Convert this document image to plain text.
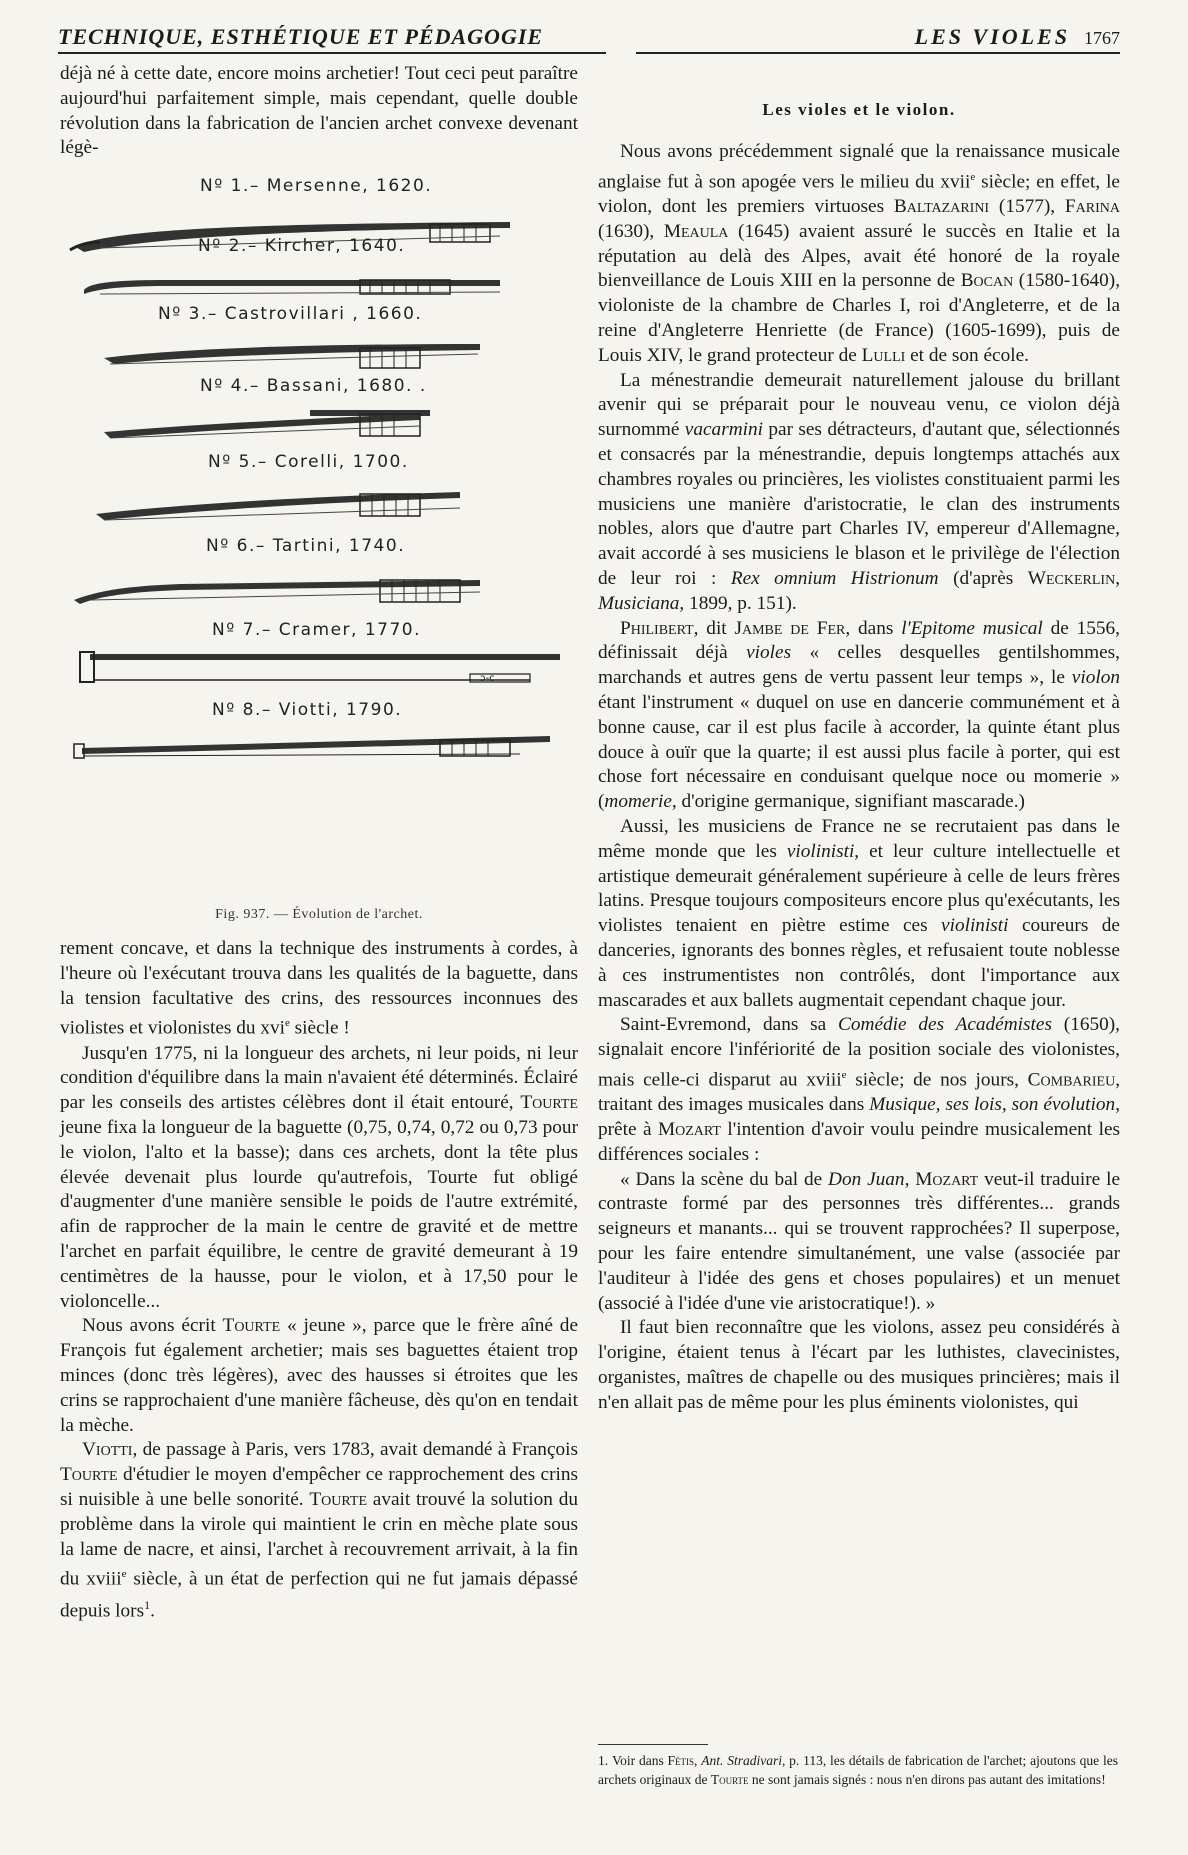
TECHNIQUE, ESTHÉTIQUE ET PÉDAGOGIE	LES VIOLES 1767

déjà né à cette date, encore moins archetier! Tout ceci peut paraître aujourd'hui parfaitement simple, mais cependant, quelle double révolution dans la fabrication de l'ancien archet convexe devenant légè-

Nº 1.– Mersenne, 1620.
Nº 2.– Kircher, 1640.
Nº 3.– Castrovillari , 1660.
Nº 4.– Bassani, 1680. .
Nº 5.– Corelli, 1700.
Nº 6.– Tartini, 1740.
Nº 7.– Cramer, 1770.
ɔ-c
Nº 8.– Viotti, 1790.
Fig. 937. — Évolution de l'archet.

rement concave, et dans la technique des instruments à cordes, à l'heure où l'exécutant trouva dans les qualités de la baguette, dans la tension facultative des crins, des ressources inconnues des violistes et violonistes du xvi$^e$ siècle !

Jusqu'en 1775, ni la longueur des archets, ni leur poids, ni leur condition d'équilibre dans la main n'avaient été déterminés. Éclairé par les conseils des artistes célèbres dont il était entouré, Tourte jeune fixa la longueur de la baguette (0,75, 0,74, 0,72 ou 0,73 pour le violon, l'alto et la basse); dans ces archets, dont la tête plus élevée devenait plus lourde qu'autrefois, Tourte fut obligé d'augmenter d'une manière sensible le poids de l'autre extrémité, afin de rapprocher de la main le centre de gravité et de mettre l'archet en parfait équilibre, le centre de gravité demeurant à 19 centimètres de la hausse, pour le violon, et à 17,50 pour le violoncelle...

Nous avons écrit Tourte « jeune », parce que le frère aîné de François fut également archetier; mais ses baguettes étaient trop minces (donc très légères), avec des hausses si étroites que les crins se rapprochaient d'une manière fâcheuse, dès qu'on en tendait la mèche.

Viotti, de passage à Paris, vers 1783, avait demandé à François Tourte d'étudier le moyen d'empêcher ce rapprochement des crins si nuisible à une belle sonorité. Tourte avait trouvé la solution du problème dans la virole qui maintient le crin en mèche plate sous la lame de nacre, et ainsi, l'archet à recouvrement arrivait, à la fin du xviii$^e$ siècle, à un état de perfection qui ne fut jamais dépassé depuis lors$^1$.

Les violes et le violon.

Nous avons précédemment signalé que la renaissance musicale anglaise fut à son apogée vers le milieu du xvii$^e$ siècle; en effet, le violon, dont les premiers virtuoses Baltazarini (1577), Farina (1630), Meaula (1645) avaient assuré le succès en Italie et la réputation au delà des Alpes, avait été honoré de la royale bienveillance de Louis XIII en la personne de Bocan (1580-1640), violoniste de la chambre de Charles I, roi d'Angleterre, et de la reine d'Angleterre Henriette (de France) (1605-1699), puis de Louis XIV, le grand protecteur de Lulli et de son école.

La ménestrandie demeurait naturellement jalouse du brillant avenir qui se préparait pour le nouveau venu, ce violon déjà surnommé vacarmini par ses détracteurs, d'autant que, sélectionnés et consacrés par la ménestrandie, depuis longtemps attachés aux chambres royales ou princières, les violistes constituaient parmi les musiciens une manière d'aristocratie, le clan des instruments nobles, alors que d'autre part Charles IV, empereur d'Allemagne, avait accordé à ses musiciens le blason et le privilège de l'élection de leur roi : Rex omnium Histrionum (d'après Weckerlin, Musiciana, 1899, p. 151).

Philibert, dit Jambe de Fer, dans l'Epitome musical de 1556, définissait déjà violes « celles desquelles gentilshommes, marchands et autres gens de vertu passent leur temps », le violon étant l'instrument « duquel on use en dancerie communément et à bonne cause, car il est plus facile à accorder, la quinte étant plus douce à ouïr que la quarte; il est aussi plus facile à porter, qui est chose fort nécessaire en conduisant quelque noce ou momerie » (momerie, d'origine germanique, signifiant mascarade.)

Aussi, les musiciens de France ne se recrutaient pas dans le même monde que les violinisti, et leur culture intellectuelle et artistique demeurait généralement supérieure à celle de leurs frères latins. Presque toujours compositeurs encore plus qu'exécutants, les violistes tenaient en piètre estime ces violinisti coureurs de danceries, ignorants des bonnes règles, et refusaient toute noblesse à ces instrumentistes non contrôlés, dont l'importance aux mascarades et aux ballets augmentait cependant chaque jour.

Saint-Evremond, dans sa Comédie des Académistes (1650), signalait encore l'infériorité de la position sociale des violonistes, mais celle-ci disparut au xviii$^e$ siècle; de nos jours, Combarieu, traitant des images musicales dans Musique, ses lois, son évolution, prête à Mozart l'intention d'avoir voulu peindre musicalement les différences sociales :

« Dans la scène du bal de Don Juan, Mozart veut-il traduire le contraste formé par des personnes très différentes... grands seigneurs et manants... qui se trouvent rapprochées? Il superpose, pour les faire entendre simultanément, une valse (associée par l'auditeur à l'idée des gens et choses populaires) et un menuet (associé à l'idée d'une vie aristocratique!). »

Il faut bien reconnaître que les violons, assez peu considérés à l'origine, étaient tenus à l'écart par les luthistes, clavecinistes, organistes, maîtres de chapelle ou des musiques princières; mais il n'en allait pas de même pour les plus éminents violonistes, qui

1. Voir dans Fétis, Ant. Stradivari, p. 113, les détails de fabrication de l'archet; ajoutons que les archets originaux de Tourte ne sont jamais signés : nous n'en dirons pas autant des imitations!
